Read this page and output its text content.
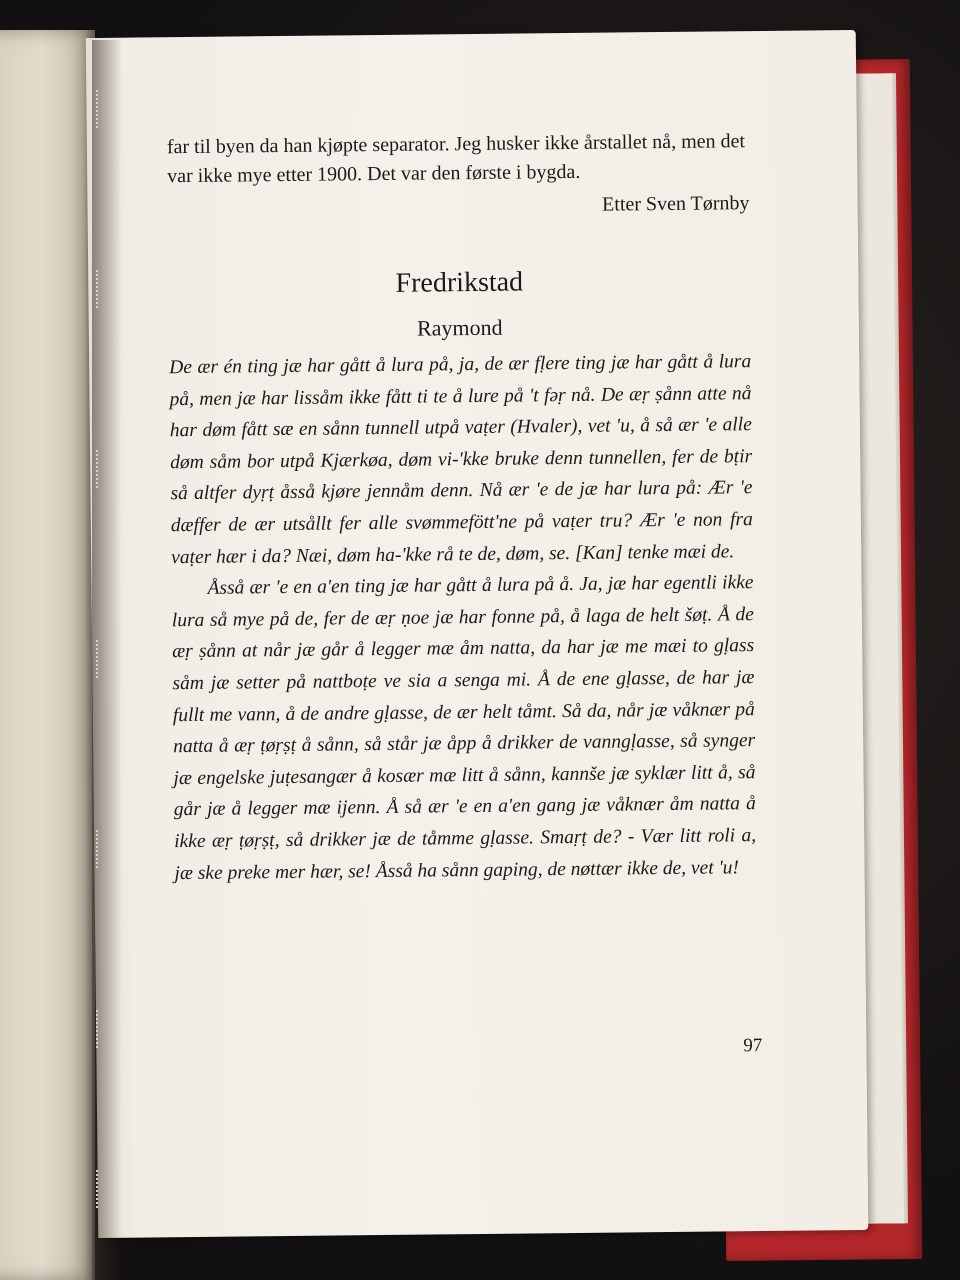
far til byen da han kjøpte separator. Jeg husker ikke årstallet nå, men det var ikke mye etter 1900. Det var den første i bygda.

Etter Sven Tørnby

Fredrikstad
Raymond

De ær én ting jæ har gått å lura på, ja, de ær fḷere ting jæ har gått å lura på, men jæ har lissåm ikke fått ti te å lure på 't fəṛ nå. De æṛ ṣånn atte nå har døm fått sæ en sånn tunnell utpå vaṭer (Hvaler), vet 'u, å så ær 'e alle døm såm bor utpå Kjærkøa, døm vi-'kke bruke denn tunnellen, fer de bṭir så altfer dyṛṭ åsså kjøre jennåm denn. Nå ær 'e de jæ har lura på: Ær 'e dæffer de ær utsållt fer alle svømmefött'ne på vaṭer tru? Ær 'e non fra vaṭer hær i da? Næi, døm ha-'kke rå te de, døm, se. [Kan] tenke mæi de.

Åsså ær 'e en a'en ting jæ har gått å lura på å. Ja, jæ har egentli ikke lura så mye på de, fer de æṛ ṇoe jæ har fonne på, å laga de helt šøṭ. Å de æṛ ṣånn at når jæ går å legger mæ åm natta, da har jæ me mæi to gḷass såm jæ setter på nattboṭe ve sia a senga mi. Å de ene gḷasse, de har jæ fullt me vann, å de andre gḷasse, de ær helt tåmt. Så da, når jæ våknær på natta å æṛ ṭøṛṣṭ å sånn, så står jæ åpp å drikker de vanngḷasse, så synger jæ engelske juṭesangær å kosær mæ litt å sånn, kannše jæ syklær litt å, så går jæ å legger mæ ijenn. Å så ær 'e en a'en gang jæ våknær åm natta å ikke æṛ ṭøṛṣṭ, så drikker jæ de tåmme gḷasse. Smaṛṭ de? - Vær litt roli a, jæ ske preke mer hær, se! Åsså ha sånn gaping, de nøttær ikke de, vet 'u!

97
